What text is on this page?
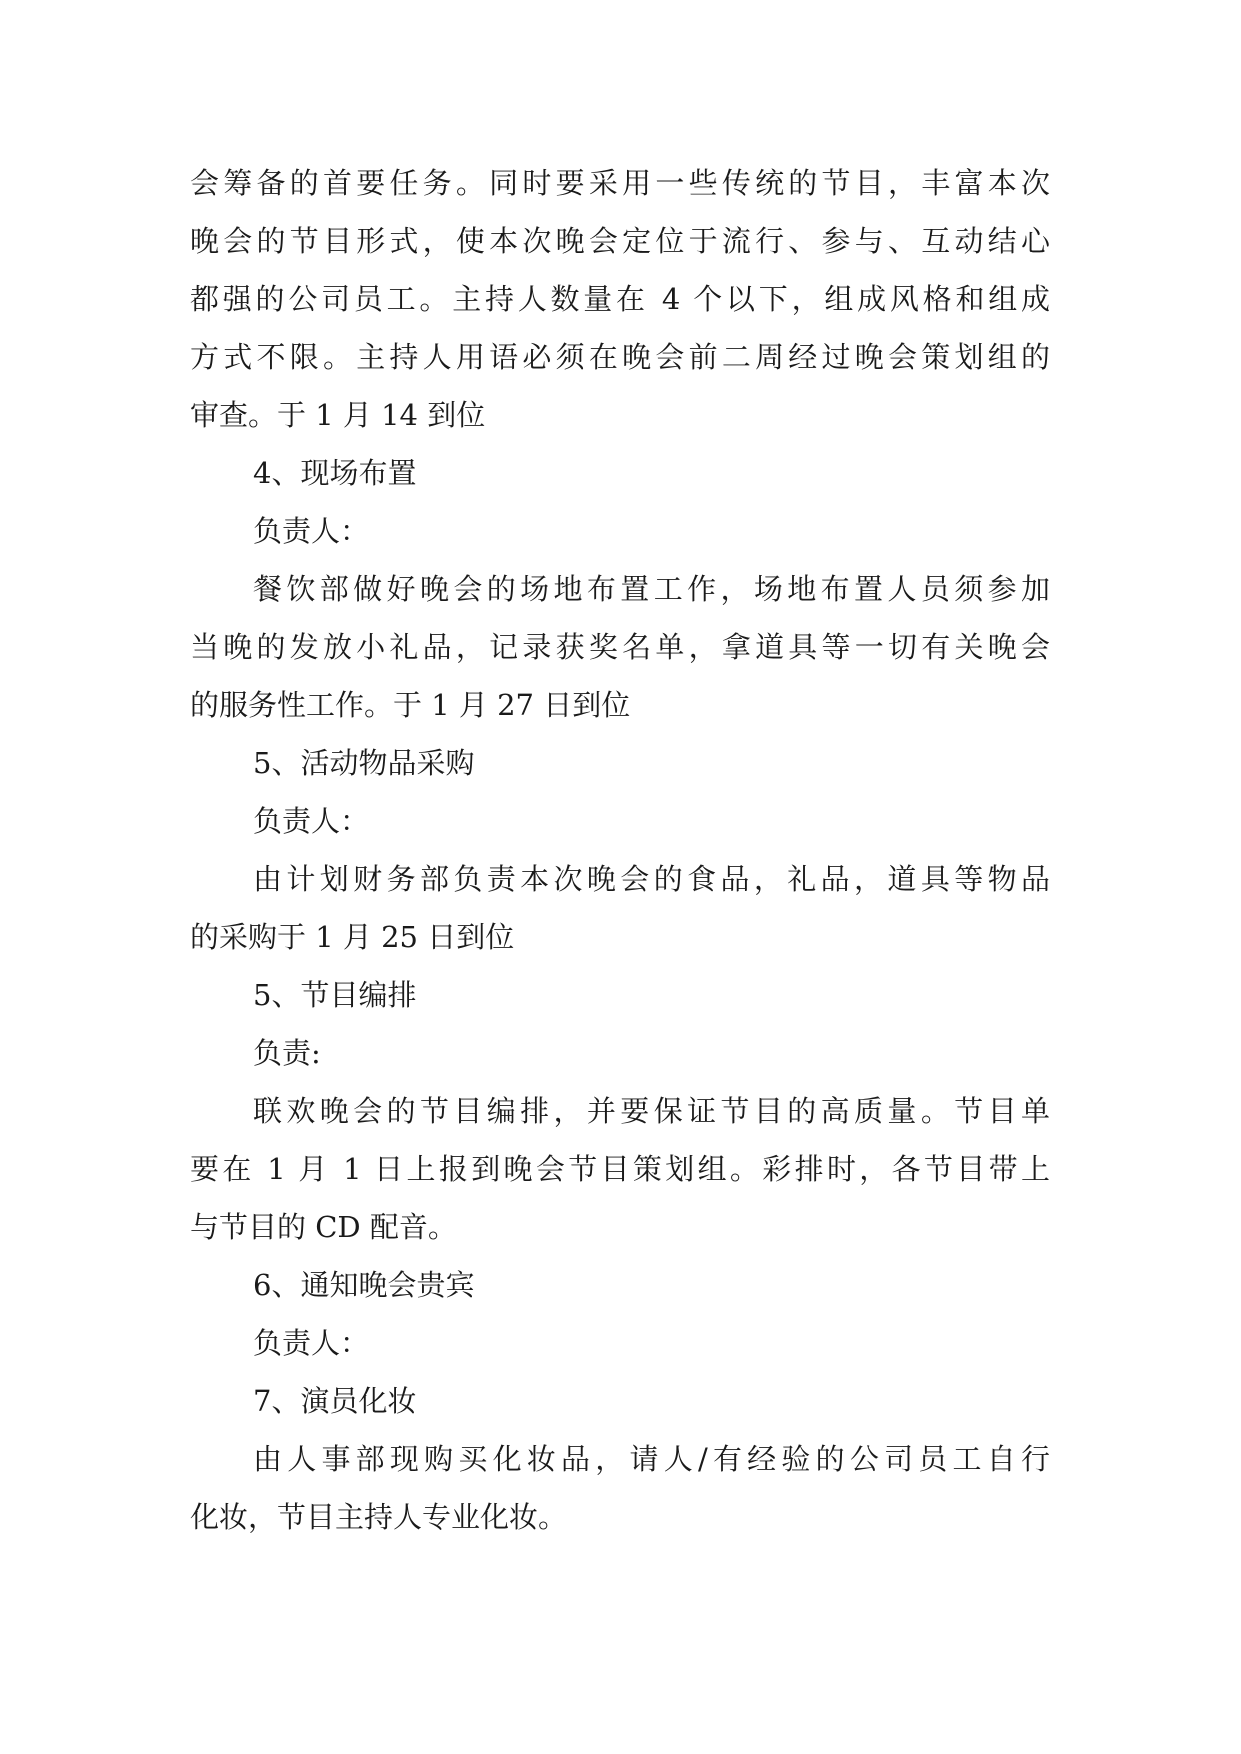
会筹备的首要任务。同时要采用一些传统的节目，丰富本次
晚会的节目形式，使本次晚会定位于流行、参与、互动结心
都强的公司员工。主持人数量在 4 个以下，组成风格和组成
方式不限。主持人用语必须在晚会前二周经过晚会策划组的
审查。于 1 月 14 到位
4、现场布置
负责人：
餐饮部做好晚会的场地布置工作，场地布置人员须参加
当晚的发放小礼品，记录获奖名单，拿道具等一切有关晚会
的服务性工作。于 1 月 27 日到位
5、活动物品采购
负责人：
由计划财务部负责本次晚会的食品，礼品，道具等物品
的采购于 1 月 25 日到位
5、节目编排
负责:
联欢晚会的节目编排，并要保证节目的高质量。节目单
要在 1 月 1 日上报到晚会节目策划组。彩排时，各节目带上
与节目的 CD 配音。
6、通知晚会贵宾
负责人：
7、演员化妆
由人事部现购买化妆品，请人/有经验的公司员工自行
化妆，节目主持人专业化妆。
